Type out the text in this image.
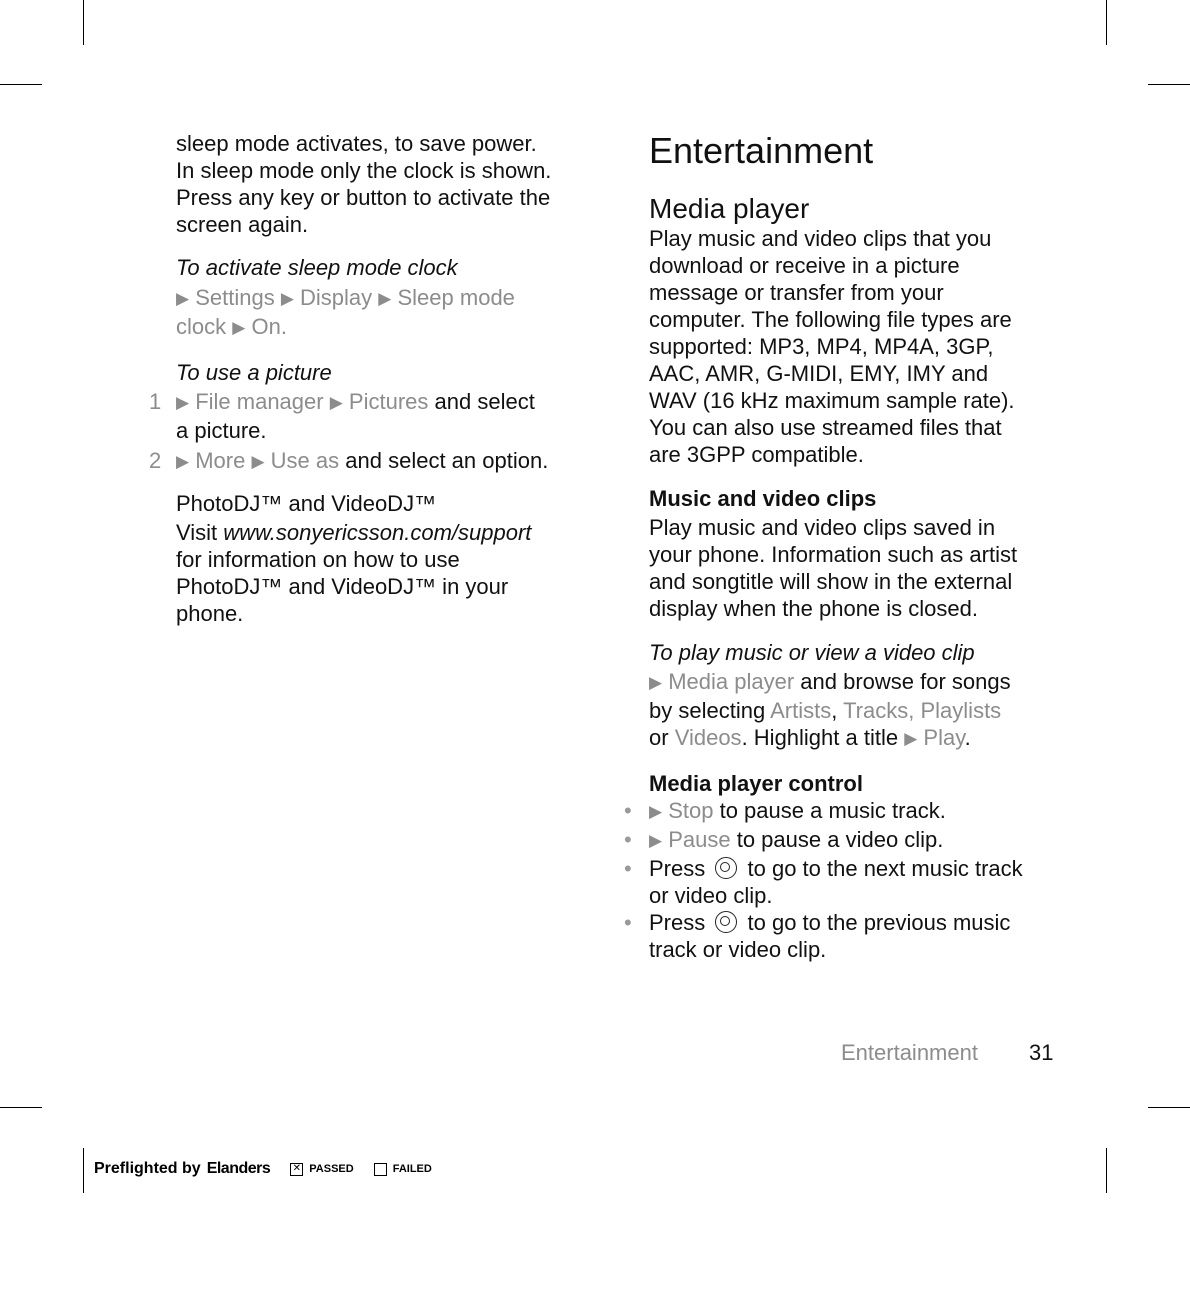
sleep mode activates, to save power.
In sleep mode only the clock is shown.
Press any key or button to activate the
screen again.

To activate sleep mode clock

▶ Settings ▶ Display ▶ Sleep mode
clock ▶ On.

To use a picture

1 ▶ File manager ▶ Pictures and select
a picture.
2 ▶ More ▶ Use as and select an option.

PhotoDJ™ and VideoDJ™

Visit www.sonyericsson.com/support
for information on how to use
PhotoDJ™ and VideoDJ™ in your
phone.

Entertainment
Media player

Play music and video clips that you
download or receive in a picture
message or transfer from your
computer. The following file types are
supported: MP3, MP4, MP4A, 3GP,
AAC, AMR, G-MIDI, EMY, IMY and
WAV (16 kHz maximum sample rate).
You can also use streamed files that
are 3GPP compatible.

Music and video clips

Play music and video clips saved in
your phone. Information such as artist
and songtitle will show in the external
display when the phone is closed.

To play music or view a video clip

▶ Media player and browse for songs
by selecting Artists, Tracks, Playlists
or Videos. Highlight a title ▶ Play.

Media player control

• ▶ Stop to pause a music track.
• ▶ Pause to pause a video clip.
• Press to go to the next music track
or video clip.
• Press to go to the previous music
track or video clip.
Entertainment 31
Preflighted by Elanders ✕ PASSED	FAILED
